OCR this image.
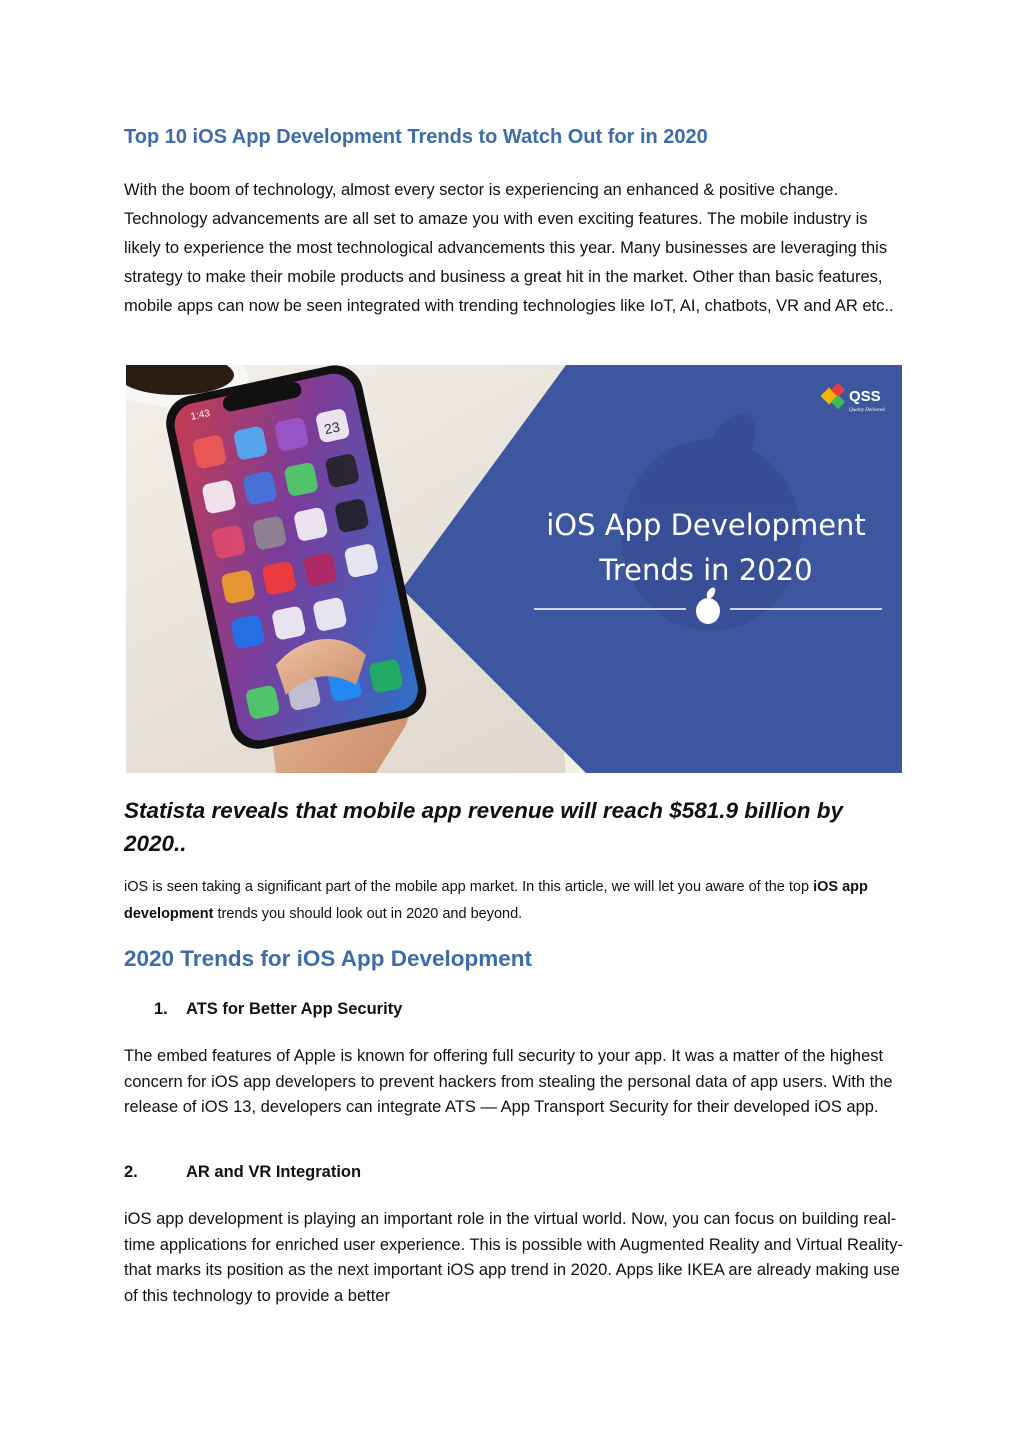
Top 10 iOS App Development Trends to Watch Out for in 2020

With the boom of technology, almost every sector is experiencing an enhanced & positive change. Technology advancements are all set to amaze you with even exciting features. The mobile industry is likely to experience the most technological advancements this year. Many businesses are leveraging this strategy to make their mobile products and business a great hit in the market. Other than basic features, mobile apps can now be seen integrated with trending technologies like IoT, AI, chatbots, VR and AR etc..

1:43
23
QSS
Quality Delivered
iOS App Development
Trends in 2020
Statista reveals that mobile app revenue will reach $581.9 billion by 2020..

iOS is seen taking a significant part of the mobile app market. In this article, we will let you aware of the top iOS app development trends you should look out in 2020 and beyond.

2020 Trends for iOS App Development
1. ATS for Better App Security

The embed features of Apple is known for offering full security to your app. It was a matter of the highest concern for iOS app developers to prevent hackers from stealing the personal data of app users. With the release of iOS 13, developers can integrate ATS — App Transport Security for their developed iOS app.

2.	AR and VR Integration

iOS app development is playing an important role in the virtual world. Now, you can focus on building real-time applications for enriched user experience. This is possible with Augmented Reality and Virtual Reality- that marks its position as the next important iOS app trend in 2020. Apps like IKEA are already making use of this technology to provide a better
